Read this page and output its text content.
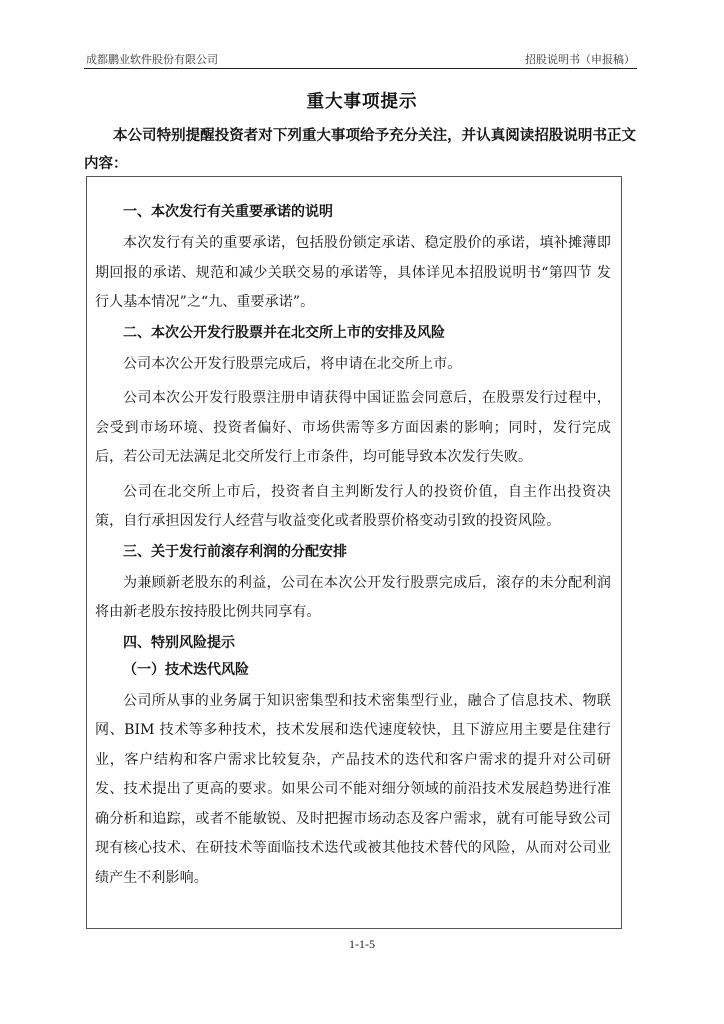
成都鹏业软件股份有限公司	招股说明书（申报稿）
重大事项提示
本公司特别提醒投资者对下列重大事项给予充分关注，并认真阅读招股说明书正文内容：
一、本次发行有关重要承诺的说明
本次发行有关的重要承诺，包括股份锁定承诺、稳定股价的承诺，填补摊薄即期回报的承诺、规范和减少关联交易的承诺等，具体详见本招股说明书“第四节 发行人基本情况”之“九、重要承诺”。
二、本次公开发行股票并在北交所上市的安排及风险
公司本次公开发行股票完成后，将申请在北交所上市。
公司本次公开发行股票注册申请获得中国证监会同意后，在股票发行过程中，会受到市场环境、投资者偏好、市场供需等多方面因素的影响；同时，发行完成后，若公司无法满足北交所发行上市条件，均可能导致本次发行失败。
公司在北交所上市后，投资者自主判断发行人的投资价值，自主作出投资决策，自行承担因发行人经营与收益变化或者股票价格变动引致的投资风险。
三、关于发行前滚存利润的分配安排
为兼顾新老股东的利益，公司在本次公开发行股票完成后，滚存的未分配利润将由新老股东按持股比例共同享有。
四、特别风险提示
（一）技术迭代风险
公司所从事的业务属于知识密集型和技术密集型行业，融合了信息技术、物联网、BIM 技术等多种技术，技术发展和迭代速度较快，且下游应用主要是住建行业，客户结构和客户需求比较复杂，产品技术的迭代和客户需求的提升对公司研发、技术提出了更高的要求。如果公司不能对细分领域的前沿技术发展趋势进行准确分析和追踪，或者不能敏锐、及时把握市场动态及客户需求，就有可能导致公司现有核心技术、在研技术等面临技术迭代或被其他技术替代的风险，从而对公司业绩产生不利影响。
1-1-5
